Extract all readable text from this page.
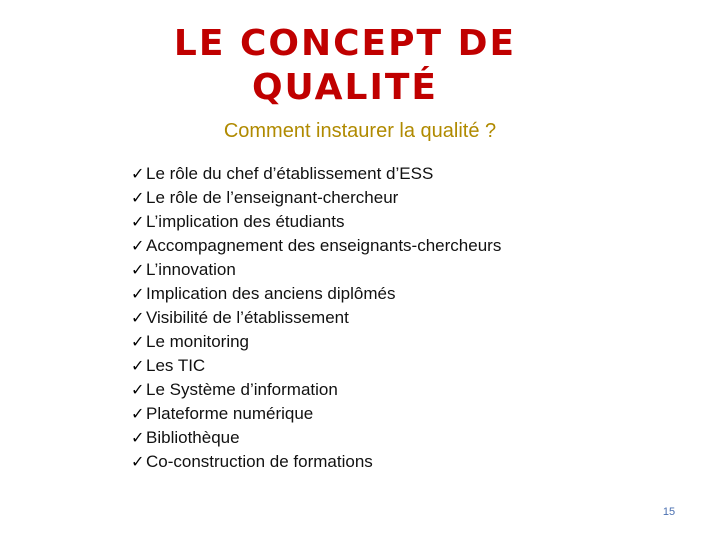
LE CONCEPT DE
QUALITÉ
Comment instaurer la qualité ?
✓Le rôle du chef d’établissement d’ESS
✓Le rôle de l’enseignant-chercheur
✓L’implication des étudiants
✓Accompagnement des enseignants-chercheurs
✓L’innovation
✓Implication des anciens diplômés
✓Visibilité de l’établissement
✓Le monitoring
✓Les TIC
✓Le Système d’information
✓Plateforme numérique
✓Bibliothèque
✓Co-construction de formations
15
